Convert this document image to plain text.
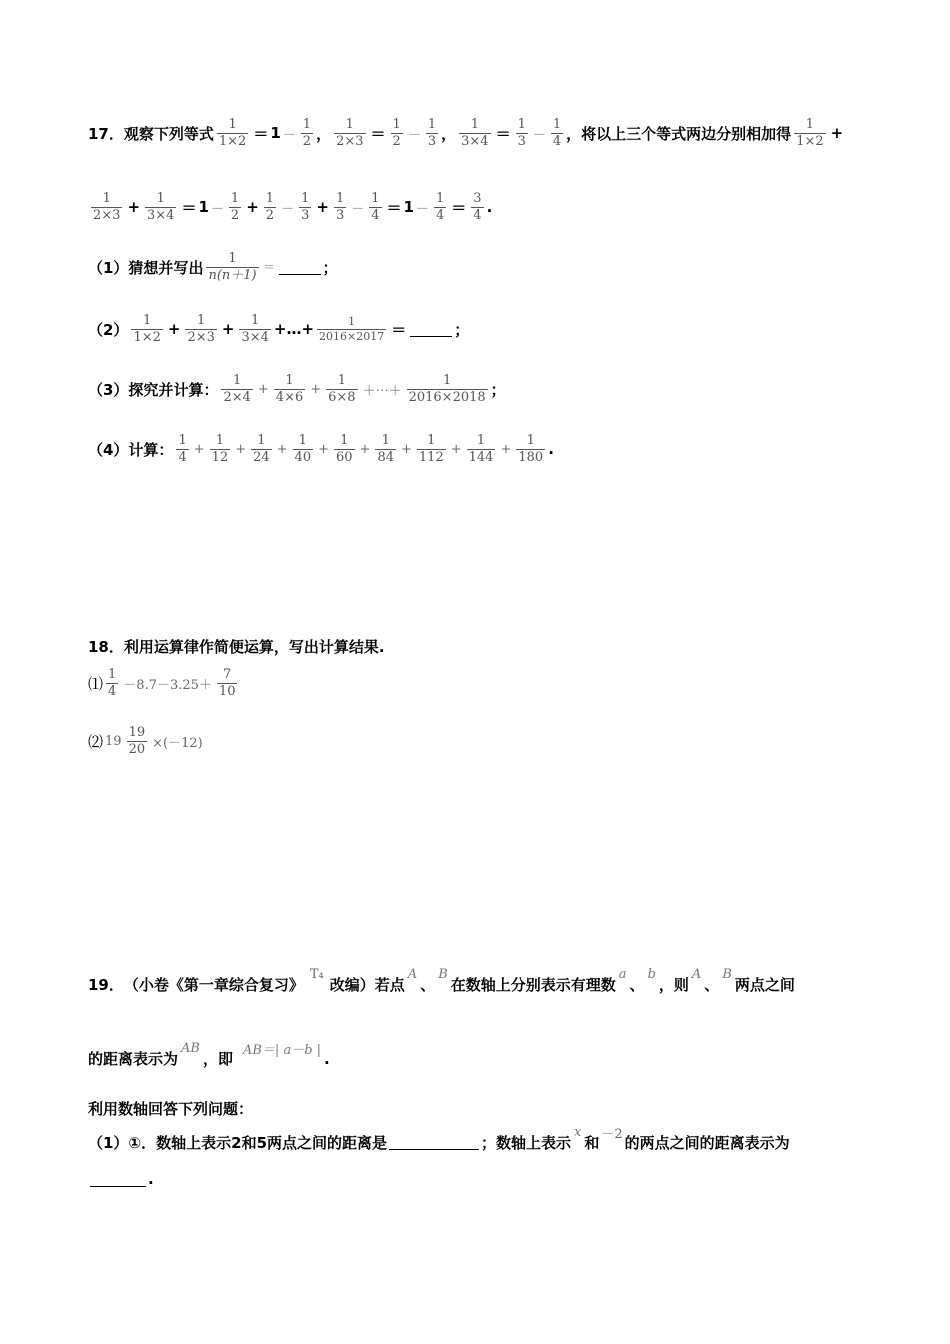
17． 观察下列等式 $\frac{1}{1\times 2} = 1 - \frac{1}{2}$ ， $\frac{1}{2\times 3} = \frac{1}{2} - \frac{1}{3}$ ， $\frac{1}{3\times 4} = \frac{1}{3} - \frac{1}{4}$ ，将以上三个等式两边分别相加得 $\frac{1}{1\times 2}$ +
$\frac{1}{2\times 3} + \frac{1}{3\times 4} = 1 - \frac{1}{2} + \frac{1}{2} - \frac{1}{3} + \frac{1}{3} - \frac{1}{4} = 1 - \frac{1}{4} = \frac{3}{4}$ .
（1）猜想并写出 $\frac{1}{n(n+1)}$ =	；
$(2) \frac{1}{1\times 2} + \frac{1}{2\times 3} + \frac{1}{3\times 4}$ +…+ $\frac{1}{2016\times 2017}$ ＝	；
（3）探究并计算： $\frac{1}{2\times 4} + \frac{1}{4\times 6} + \frac{1}{6\times 8}$ ＋⋯＋ $\frac{1}{2016\times 2018}$ ；
（4）计算： $\frac{1}{4} + \frac{1}{12} + \frac{1}{24} + \frac{1}{40} + \frac{1}{60} + \frac{1}{84} + \frac{1}{112} + \frac{1}{144} + \frac{1}{180}$ .
18．利用运算律作简便运算，写出计算结果.
⑴ $\frac{1}{4} -8.7-3.25+ \frac{7}{10}$
⑵ $19 \frac{19}{20} \times(-12)$
19． （小卷《第一章综合复习》
T₄
改编）若点
A
、
B
在数轴上分别表示有理数
a
、
b
，则
A
、
B
两点之间
的距离表示为
AB
，即 AB＝| a－b | .
利用数轴回答下列问题：
（1）①．数轴上表示2和5两点之间的距离是	；数轴上表示
x
和 －2 的两点之间的距离表示为
.
